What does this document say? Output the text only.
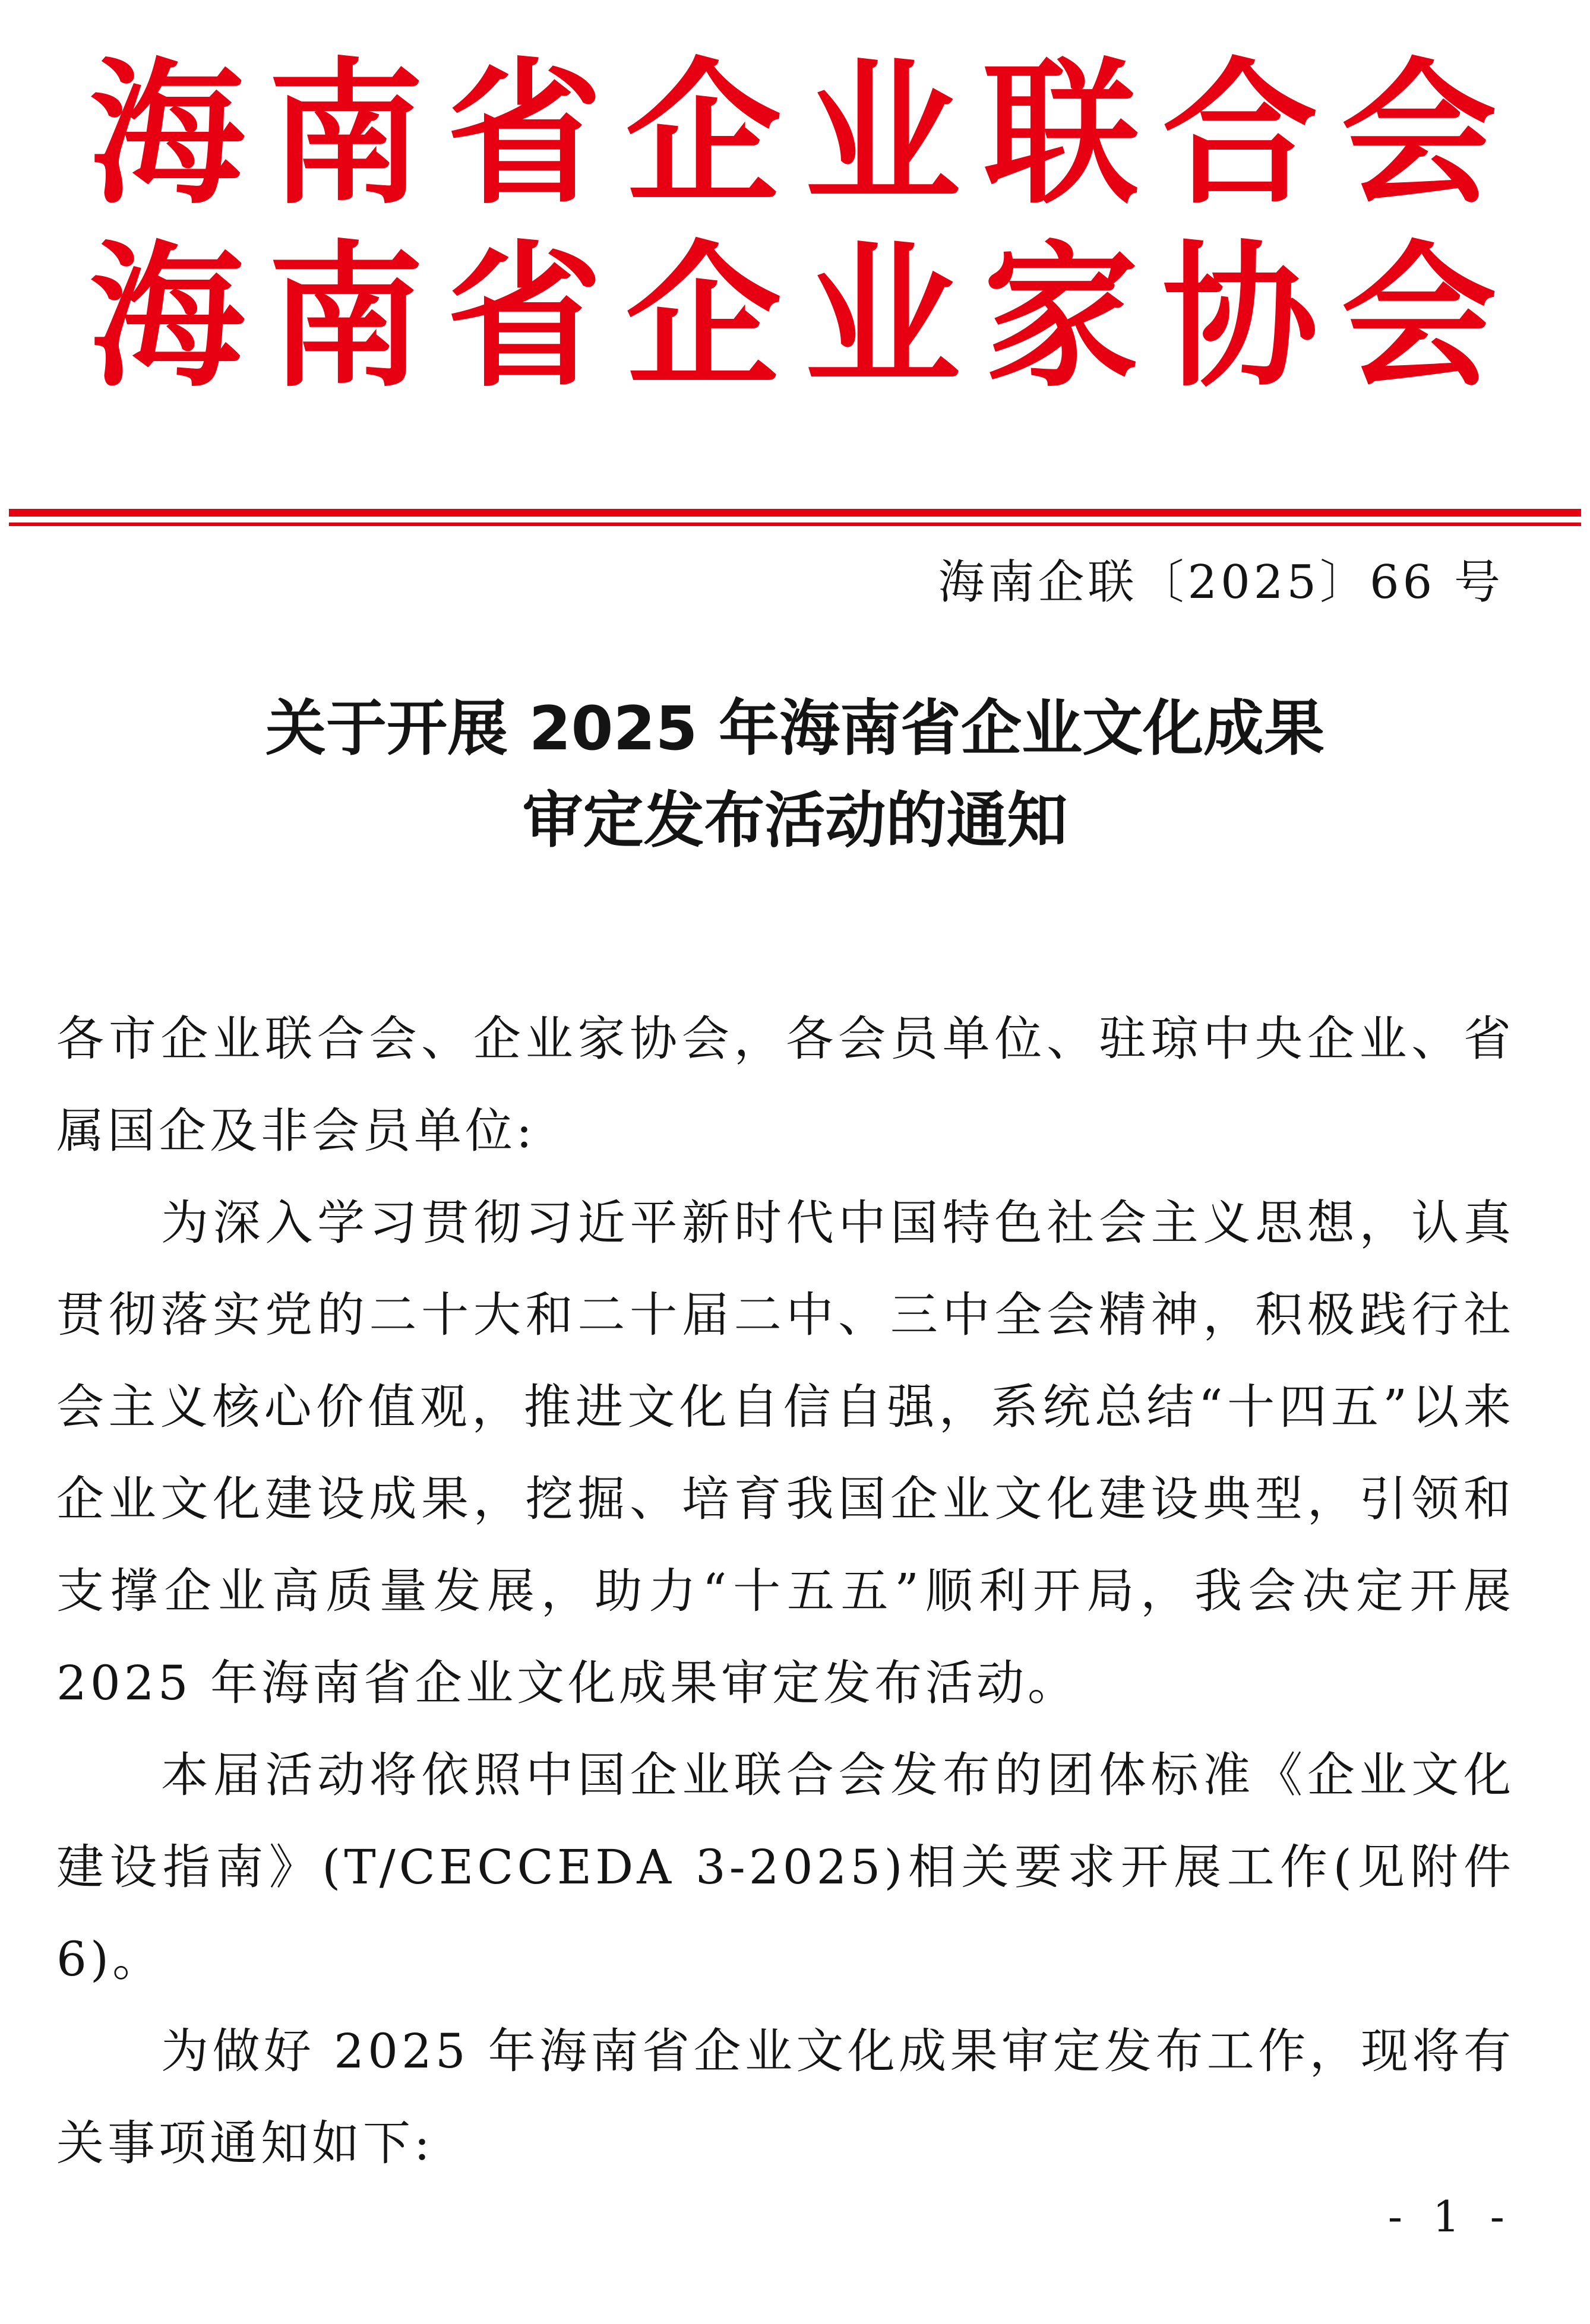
海 南 省 企 业 联 合 会
海 南 省 企 业 家 协 会
海南企联〔2025〕66 号
关于开展 2025 年海南省企业文化成果
审定发布活动的通知

各市企业联合会、企业家协会，各会员单位、驻琼中央企业、省属国企及非会员单位:

为深入学习贯彻习近平新时代中国特色社会主义思想，认真贯彻落实党的二十大和二十届二中、三中全会精神，积极践行社会主义核心价值观，推进文化自信自强，系统总结“十四五”以来企业文化建设成果，挖掘、培育我国企业文化建设典型，引领和支撑企业高质量发展，助力“十五五”顺利开局，我会决定开展 2025 年海南省企业文化成果审定发布活动。

本届活动将依照中国企业联合会发布的团体标准《企业文化建设指南》(T/CECCEDA 3-2025)相关要求开展工作(见附件 6)。

为做好 2025 年海南省企业文化成果审定发布工作，现将有关事项通知如下:

- 1 -
